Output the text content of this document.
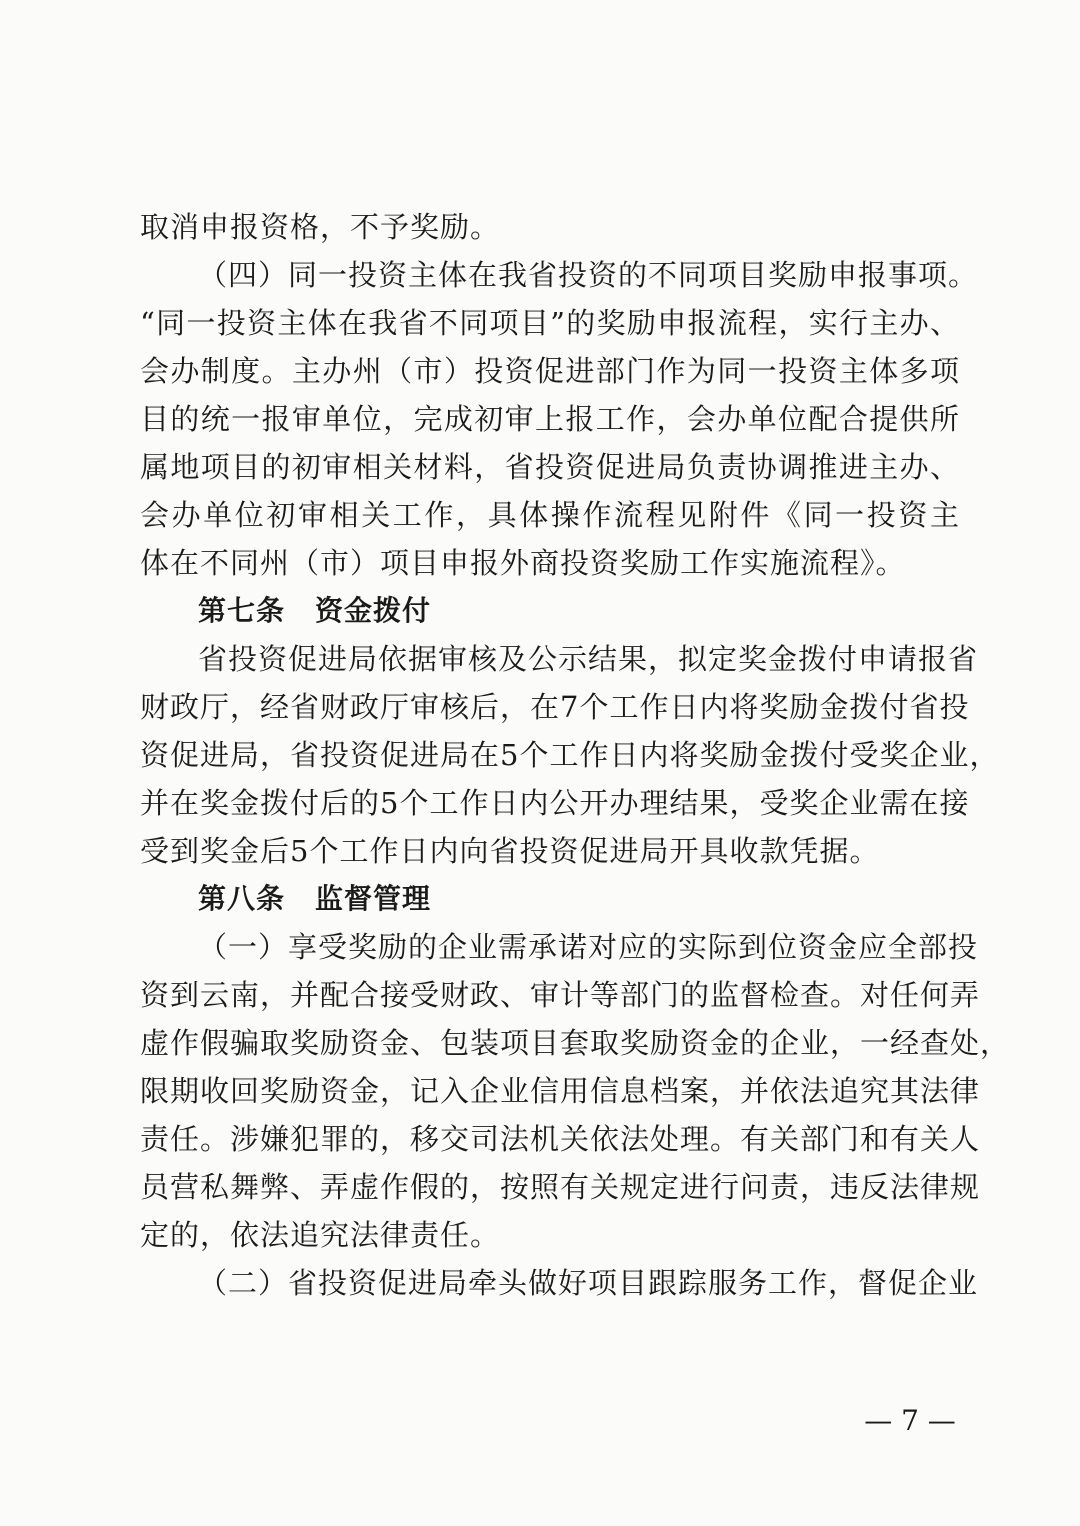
取消申报资格，不予奖励。
（四）同一投资主体在我省投资的不同项目奖励申报事项。
“同一投资主体在我省不同项目”的奖励申报流程，实行主办、
会办制度。主办州（市）投资促进部门作为同一投资主体多项
目的统一报审单位，完成初审上报工作，会办单位配合提供所
属地项目的初审相关材料，省投资促进局负责协调推进主办、
会办单位初审相关工作，具体操作流程见附件《同一投资主
体在不同州（市）项目申报外商投资奖励工作实施流程》。
第七条 资金拨付
省投资促进局依据审核及公示结果，拟定奖金拨付申请报省
财政厅，经省财政厅审核后，在7个工作日内将奖励金拨付省投
资促进局，省投资促进局在5个工作日内将奖励金拨付受奖企业，
并在奖金拨付后的5个工作日内公开办理结果，受奖企业需在接
受到奖金后5个工作日内向省投资促进局开具收款凭据。
第八条 监督管理
（一）享受奖励的企业需承诺对应的实际到位资金应全部投
资到云南，并配合接受财政、审计等部门的监督检查。对任何弄
虚作假骗取奖励资金、包装项目套取奖励资金的企业，一经查处，
限期收回奖励资金，记入企业信用信息档案，并依法追究其法律
责任。涉嫌犯罪的，移交司法机关依法处理。有关部门和有关人
员营私舞弊、弄虚作假的，按照有关规定进行问责，违反法律规
定的，依法追究法律责任。
（二）省投资促进局牵头做好项目跟踪服务工作，督促企业
— 7 —
